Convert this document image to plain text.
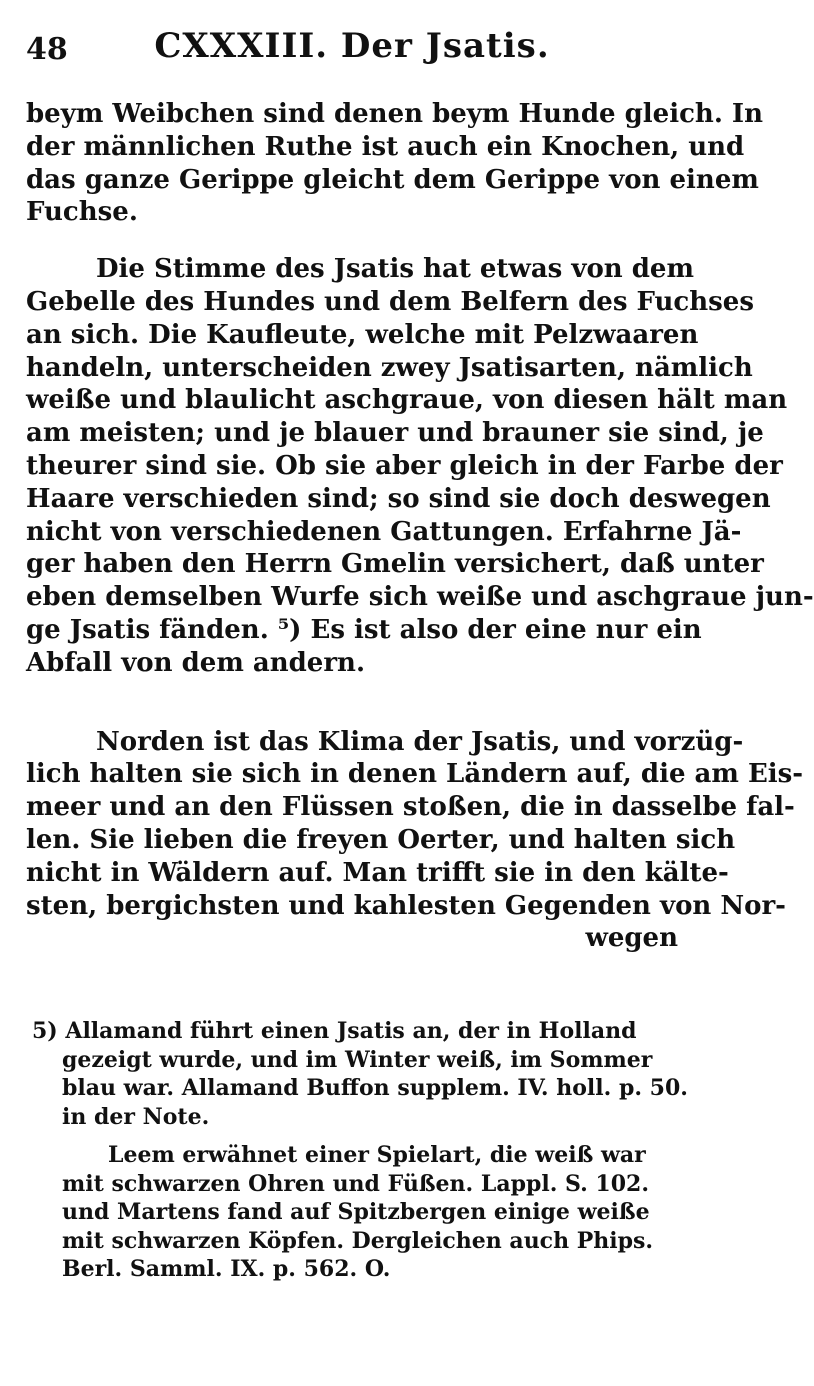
48	CXXXIII. Der Jsatis.

beym Weibchen sind denen beym Hunde gleich. In
der männlichen Ruthe ist auch ein Knochen, und
das ganze Gerippe gleicht dem Gerippe von einem
Fuchse.

Die Stimme des Jsatis hat etwas von dem
Gebelle des Hundes und dem Belfern des Fuchses
an sich. Die Kaufleute, welche mit Pelzwaaren
handeln, unterscheiden zwey Jsatisarten, nämlich
weiße und blaulicht aschgraue, von diesen hält man
am meisten; und je blauer und brauner sie sind, je
theurer sind sie. Ob sie aber gleich in der Farbe der
Haare verschieden sind; so sind sie doch deswegen
nicht von verschiedenen Gattungen. Erfahrne Jä-
ger haben den Herrn Gmelin versichert, daß unter
eben demselben Wurfe sich weiße und aschgraue jun-
ge Jsatis fänden. ⁵) Es ist also der eine nur ein
Abfall von dem andern.

Norden ist das Klima der Jsatis, und vorzüg-
lich halten sie sich in denen Ländern auf, die am Eis-
meer und an den Flüssen stoßen, die in dasselbe fal-
len. Sie lieben die freyen Oerter, und halten sich
nicht in Wäldern auf. Man trifft sie in den kälte-
sten, bergichsten und kahlesten Gegenden von Nor-
wegen

5) Allamand führt einen Jsatis an, der in Holland
gezeigt wurde, und im Winter weiß, im Sommer
blau war. Allamand Buffon supplem. IV. holl. p. 50.
in der Note.

Leem erwähnet einer Spielart, die weiß war
mit schwarzen Ohren und Füßen. Lappl. S. 102.
und Martens fand auf Spitzbergen einige weiße
mit schwarzen Köpfen. Dergleichen auch Phips.
Berl. Samml. IX. p. 562. O.
